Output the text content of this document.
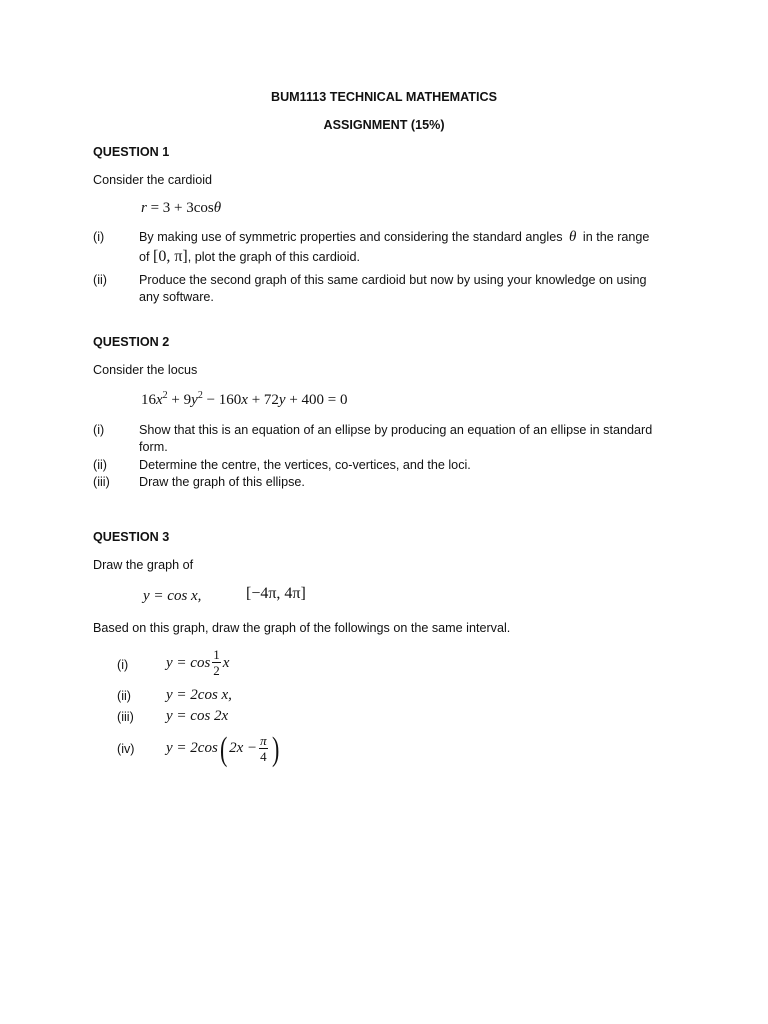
BUM1113 TECHNICAL MATHEMATICS
ASSIGNMENT (15%)
QUESTION 1
Consider the cardioid
r = 3 + 3cosθ
(i)	By making use of symmetric properties and considering the standard angles θ in the range
of [0, π], plot the graph of this cardioid.
(ii)	Produce the second graph of this same cardioid but now by using your knowledge on using
any software.
QUESTION 2
Consider the locus
$16x^2 + 9y^2 - 160x + 72y + 400 = 0$
(i)	Show that this is an equation of an ellipse by producing an equation of an ellipse in standard
form.
(ii)	Determine the centre, the vertices, co-vertices, and the loci.
(iii) Draw the graph of this ellipse.
QUESTION 3
Draw the graph of
y = cos x,	[−4π, 4π]
Based on this graph, draw the graph of the followings on the same interval.
(i)	$y = \cos \frac{1}{2}$ x
(ii) y = 2cos x,
(iii) y = cos 2x
(iv) y = 2cos ( $2x - \frac{\pi}{4}$ )
